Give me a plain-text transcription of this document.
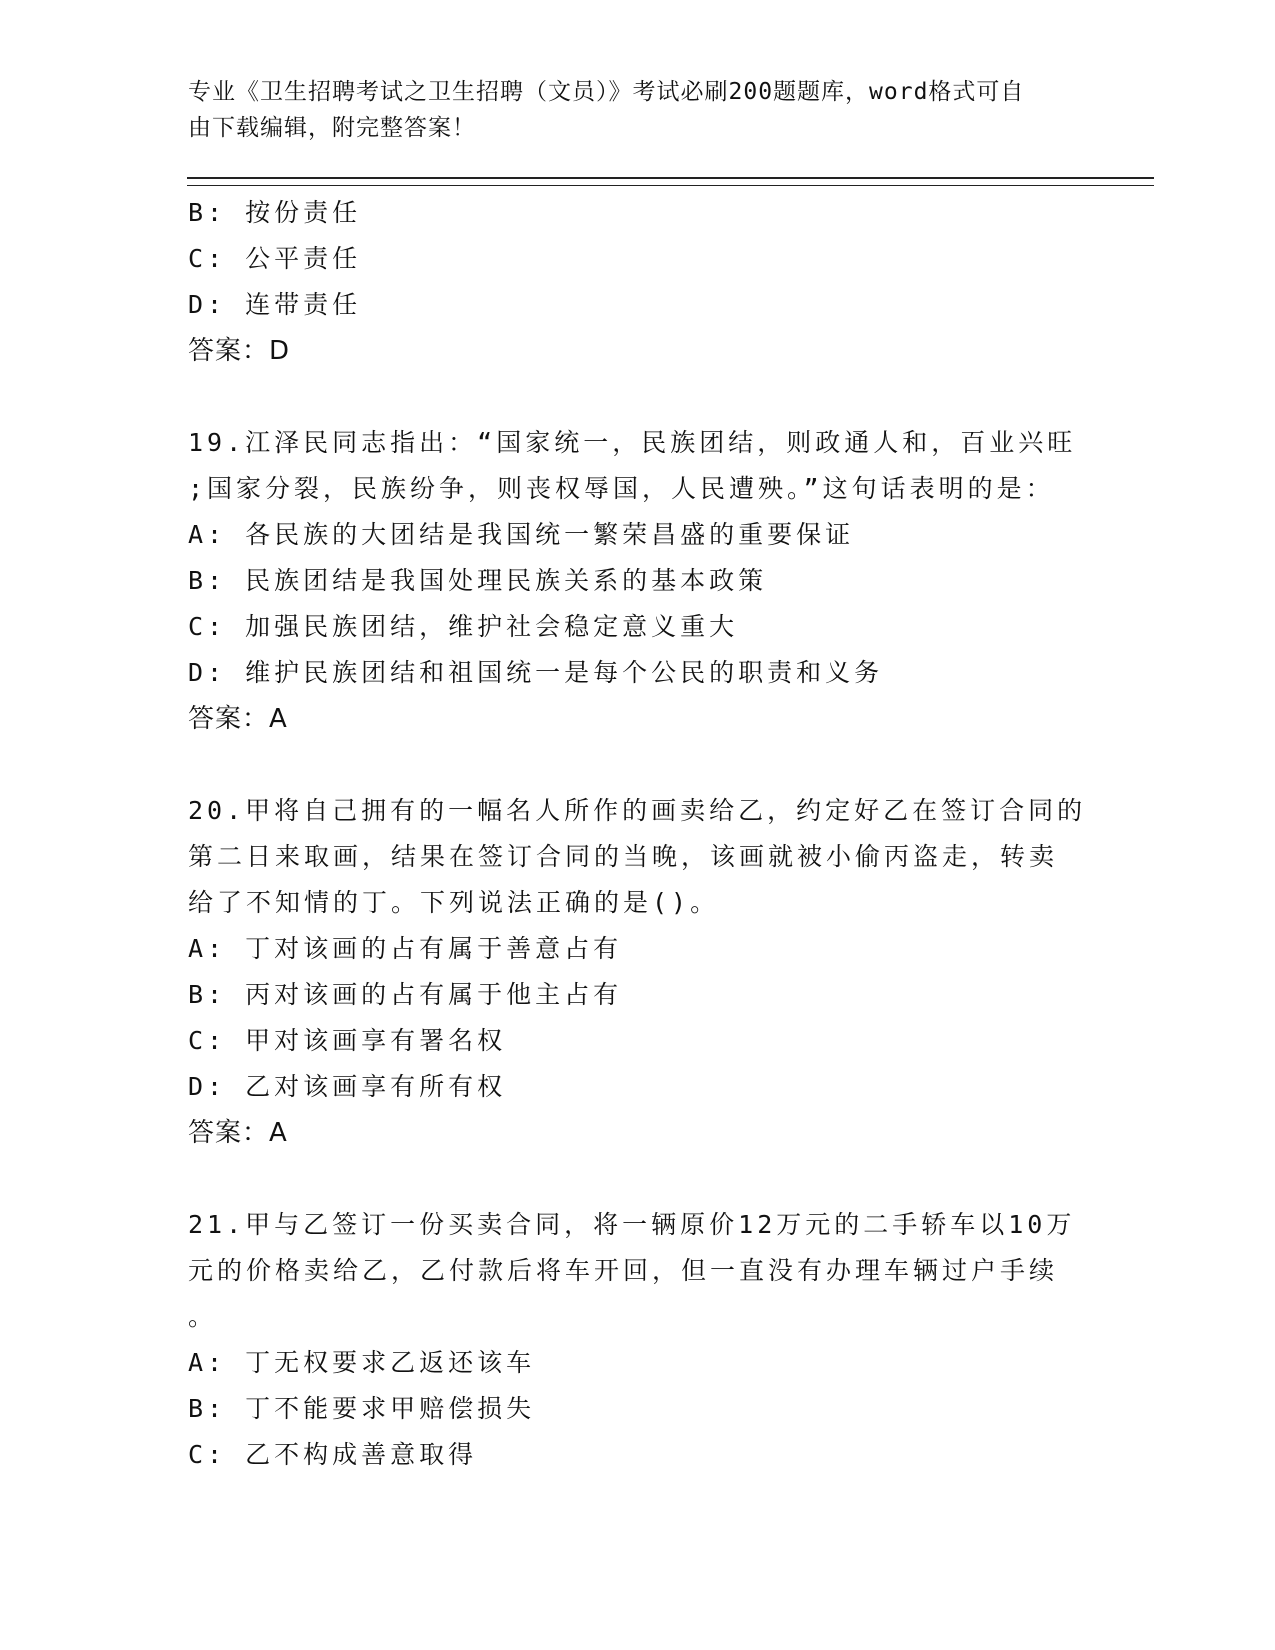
专业《卫生招聘考试之卫生招聘（文员）》考试必刷200题题库，word格式可自
由下载编辑，附完整答案！
B: 按份责任
C: 公平责任
D: 连带责任
答案：D
19.江泽民同志指出：“国家统一，民族团结，则政通人和，百业兴旺
;国家分裂，民族纷争，则丧权辱国，人民遭殃。”这句话表明的是：
A: 各民族的大团结是我国统一繁荣昌盛的重要保证
B: 民族团结是我国处理民族关系的基本政策
C: 加强民族团结，维护社会稳定意义重大
D: 维护民族团结和祖国统一是每个公民的职责和义务
答案：A
20.甲将自己拥有的一幅名人所作的画卖给乙，约定好乙在签订合同的
第二日来取画，结果在签订合同的当晚，该画就被小偷丙盗走，转卖
给了不知情的丁。下列说法正确的是()。
A: 丁对该画的占有属于善意占有
B: 丙对该画的占有属于他主占有
C: 甲对该画享有署名权
D: 乙对该画享有所有权
答案：A
21.甲与乙签订一份买卖合同，将一辆原价12万元的二手轿车以10万
元的价格卖给乙，乙付款后将车开回，但一直没有办理车辆过户手续
。
A: 丁无权要求乙返还该车
B: 丁不能要求甲赔偿损失
C: 乙不构成善意取得
